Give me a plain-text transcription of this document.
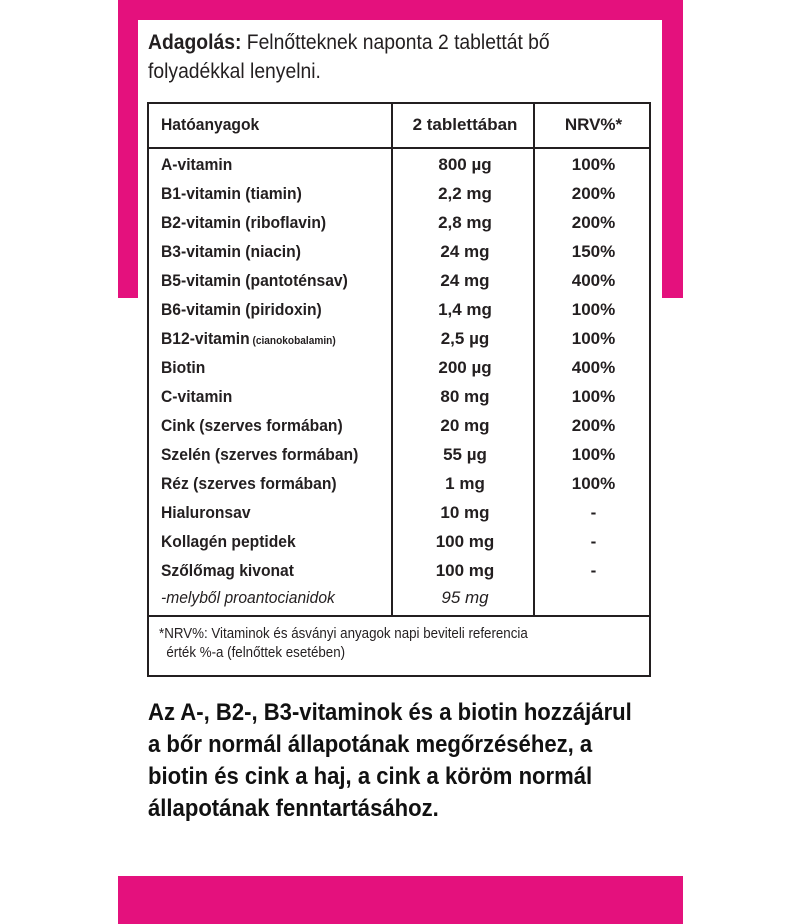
Adagolás: Felnőtteknek naponta 2 tablettát bő
folyadékkal lenyelni.
Hatóanyagok	2 tablettában	NRV%*
A-vitamin	800 µg	100%
B1-vitamin (tiamin)	2,2 mg	200%
B2-vitamin (riboflavin)	2,8 mg	200%
B3-vitamin (niacin)	24 mg	150%
B5-vitamin (pantoténsav)	24 mg	400%
B6-vitamin (piridoxin)	1,4 mg	100%
B12-vitamin (cianokobalamin)	2,5 µg	100%
Biotin	200 µg	400%
C-vitamin	80 mg	100%
Cink (szerves formában)	20 mg	200%
Szelén (szerves formában)	55 µg	100%
Réz (szerves formában)	1 mg	100%
Hialuronsav	10 mg	-
Kollagén peptidek	100 mg	-
Szőlőmag kivonat	100 mg	-
-melyből proantocianidok	95 mg
*NRV%: Vitaminok és ásványi anyagok napi beviteli referencia
érték %-a (felnőttek esetében)
Az A-, B2-, B3-vitaminok és a biotin hozzájárul
a bőr normál állapotának megőrzéséhez, a
biotin és cink a haj, a cink a köröm normál
állapotának fenntartásához.
